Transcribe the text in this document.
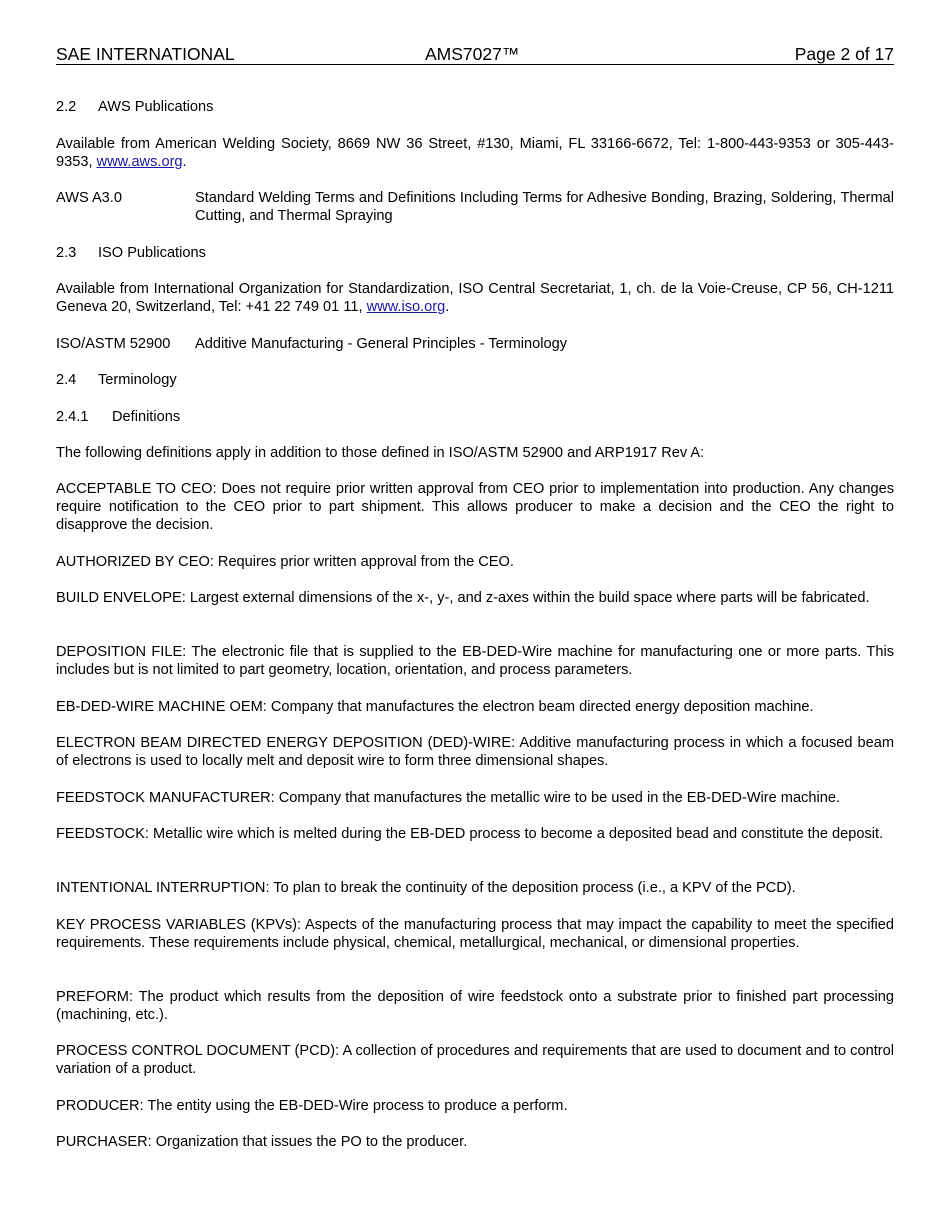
SAE INTERNATIONAL	AMS7027™	Page 2 of 17
2.2 AWS Publications
Available from American Welding Society, 8669 NW 36 Street, #130, Miami, FL 33166-6672, Tel: 1-800-443-9353 or 305-443-9353, www.aws.org.
AWS A3.0	Standard Welding Terms and Definitions Including Terms for Adhesive Bonding, Brazing, Soldering, Thermal Cutting, and Thermal Spraying
2.3 ISO Publications
Available from International Organization for Standardization, ISO Central Secretariat, 1, ch. de la Voie-Creuse, CP 56, CH-1211 Geneva 20, Switzerland, Tel: +41 22 749 01 11, www.iso.org.
ISO/ASTM 52900 Additive Manufacturing - General Principles - Terminology
2.4 Terminology
2.4.1 Definitions
The following definitions apply in addition to those defined in ISO/ASTM 52900 and ARP1917 Rev A:
ACCEPTABLE TO CEO: Does not require prior written approval from CEO prior to implementation into production. Any changes require notification to the CEO prior to part shipment. This allows producer to make a decision and the CEO the right to disapprove the decision.
AUTHORIZED BY CEO: Requires prior written approval from the CEO.
BUILD ENVELOPE: Largest external dimensions of the x-, y-, and z-axes within the build space where parts will be fabricated.
DEPOSITION FILE: The electronic file that is supplied to the EB-DED-Wire machine for manufacturing one or more parts. This includes but is not limited to part geometry, location, orientation, and process parameters.
EB-DED-WIRE MACHINE OEM: Company that manufactures the electron beam directed energy deposition machine.
ELECTRON BEAM DIRECTED ENERGY DEPOSITION (DED)-WIRE: Additive manufacturing process in which a focused beam of electrons is used to locally melt and deposit wire to form three dimensional shapes.
FEEDSTOCK MANUFACTURER: Company that manufactures the metallic wire to be used in the EB-DED-Wire machine.
FEEDSTOCK: Metallic wire which is melted during the EB-DED process to become a deposited bead and constitute the deposit.
INTENTIONAL INTERRUPTION: To plan to break the continuity of the deposition process (i.e., a KPV of the PCD).
KEY PROCESS VARIABLES (KPVs): Aspects of the manufacturing process that may impact the capability to meet the specified requirements. These requirements include physical, chemical, metallurgical, mechanical, or dimensional properties.
PREFORM: The product which results from the deposition of wire feedstock onto a substrate prior to finished part processing (machining, etc.).
PROCESS CONTROL DOCUMENT (PCD): A collection of procedures and requirements that are used to document and to control variation of a product.
PRODUCER: The entity using the EB-DED-Wire process to produce a perform.
PURCHASER: Organization that issues the PO to the producer.
